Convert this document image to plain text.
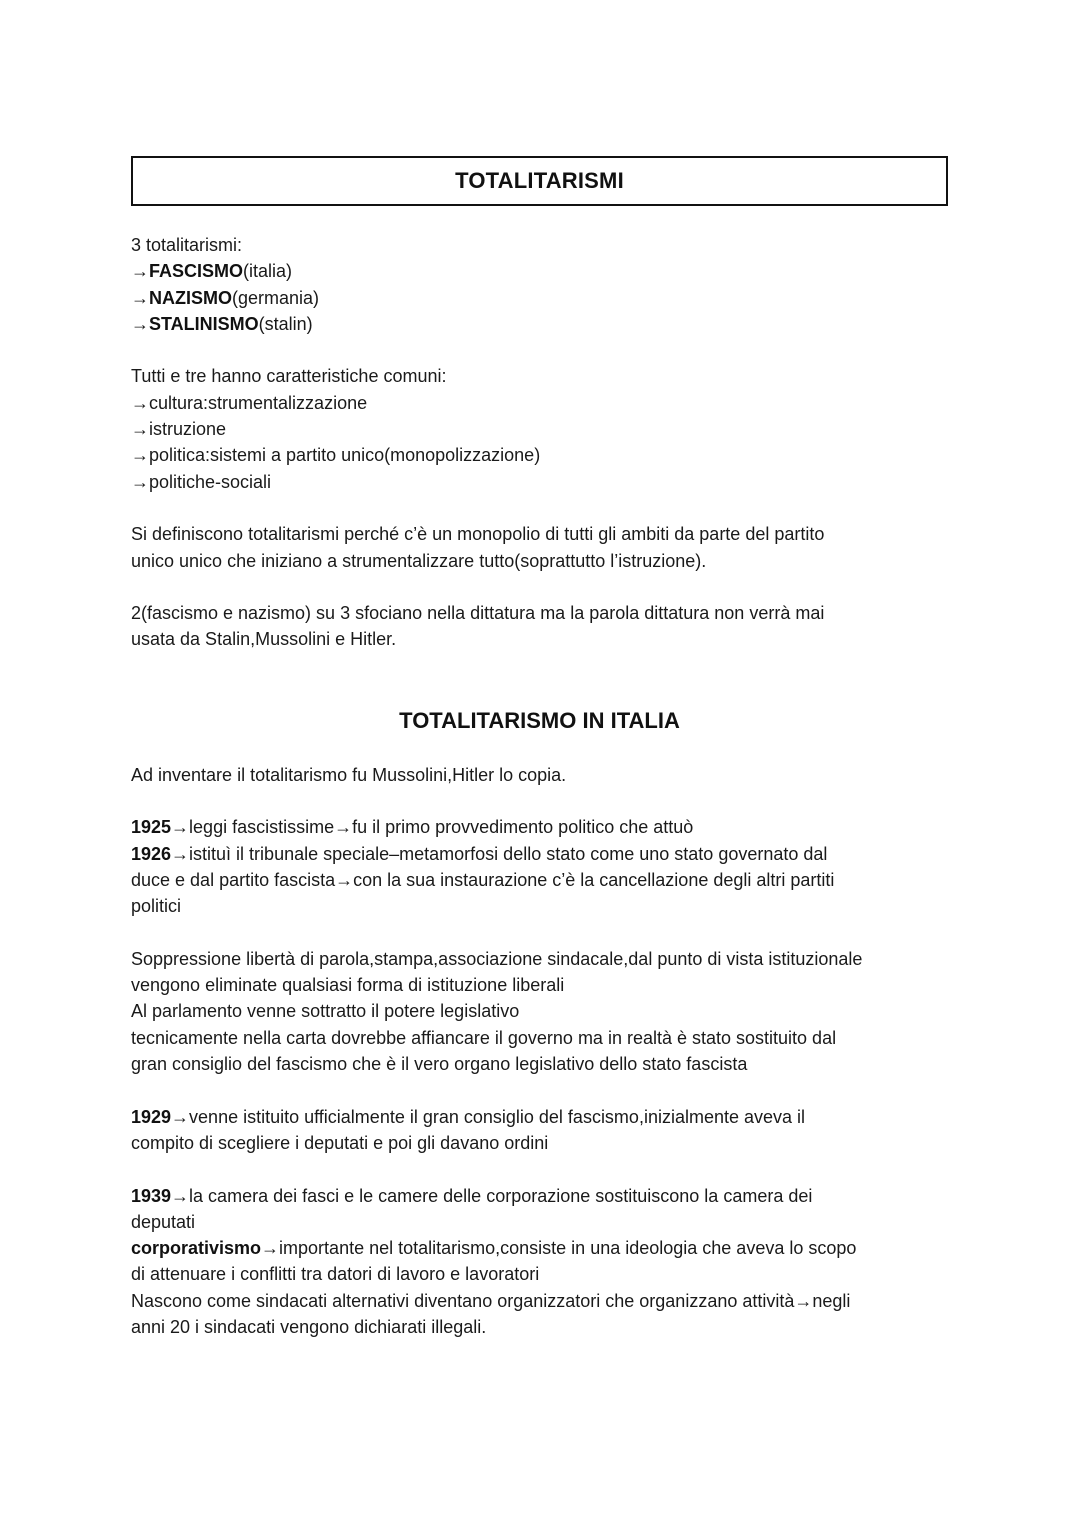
TOTALITARISMI
3 totalitarismi:
→FASCISMO(italia)
→NAZISMO(germania)
→STALINISMO(stalin)
Tutti e tre hanno caratteristiche comuni:
→cultura:strumentalizzazione
→istruzione
→politica:sistemi a partito unico(monopolizzazione)
→politiche-sociali
Si definiscono totalitarismi perché c’è un monopolio di tutti gli ambiti da parte del partito
unico unico che iniziano a strumentalizzare tutto(soprattutto l’istruzione).
2(fascismo e nazismo) su 3 sfociano nella dittatura ma la parola dittatura non verrà mai
usata da Stalin,Mussolini e Hitler.
TOTALITARISMO IN ITALIA
Ad inventare il totalitarismo fu Mussolini,Hitler lo copia.
1925→leggi fascistissime→fu il primo provvedimento politico che attuò
1926→istituì il tribunale speciale–metamorfosi dello stato come uno stato governato dal
duce e dal partito fascista→con la sua instaurazione c’è la cancellazione degli altri partiti
politici
Soppressione libertà di parola,stampa,associazione sindacale,dal punto di vista istituzionale
vengono eliminate qualsiasi forma di istituzione liberali
Al parlamento venne sottratto il potere legislativo
tecnicamente nella carta dovrebbe affiancare il governo ma in realtà è stato sostituito dal
gran consiglio del fascismo che è il vero organo legislativo dello stato fascista
1929→venne istituito ufficialmente il gran consiglio del fascismo,inizialmente aveva il
compito di scegliere i deputati e poi gli davano ordini
1939→la camera dei fasci e le camere delle corporazione sostituiscono la camera dei
deputati
corporativismo→importante nel totalitarismo,consiste in una ideologia che aveva lo scopo
di attenuare i conflitti tra datori di lavoro e lavoratori
Nascono come sindacati alternativi diventano organizzatori che organizzano attività→negli
anni 20 i sindacati vengono dichiarati illegali.
